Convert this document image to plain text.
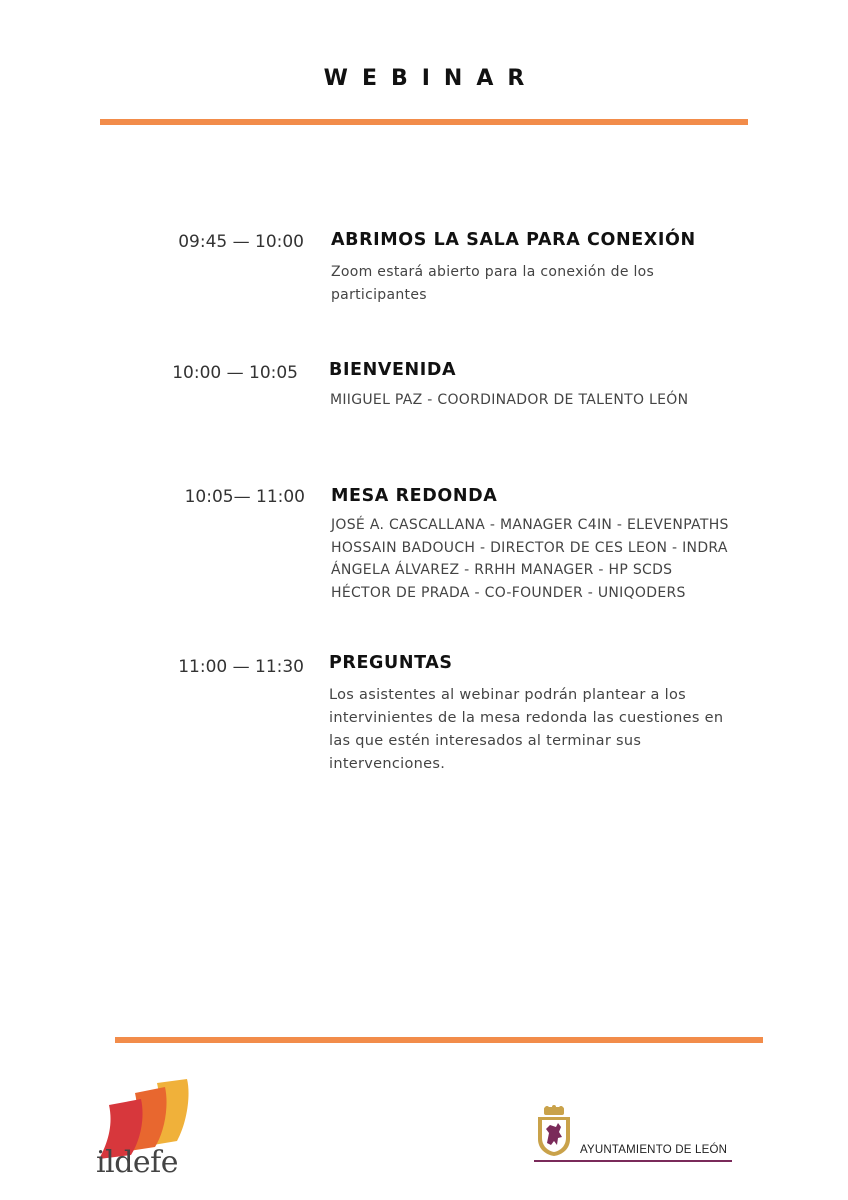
WEBINAR
09:45 — 10:00 ABRIMOS LA SALA PARA CONEXIÓN
Zoom estará abierto para la conexión de los
participantes
10:00 — 10:05 BIENVENIDA
MIIGUEL PAZ - COORDINADOR DE TALENTO LEÓN
10:05— 11:00 MESA REDONDA
JOSÉ A. CASCALLANA - MANAGER C4IN - ELEVENPATHS
HOSSAIN BADOUCH - DIRECTOR DE CES LEON - INDRA
ÁNGELA ÁLVAREZ - RRHH MANAGER - HP SCDS
HÉCTOR DE PRADA - CO-FOUNDER - UNIQODERS
11:00 — 11:30 PREGUNTAS
Los asistentes al webinar podrán plantear a los
intervinientes de la mesa redonda las cuestiones en
las que estén interesados al terminar sus
intervenciones.
ildefe	AYUNTAMIENTO DE LEÓN
